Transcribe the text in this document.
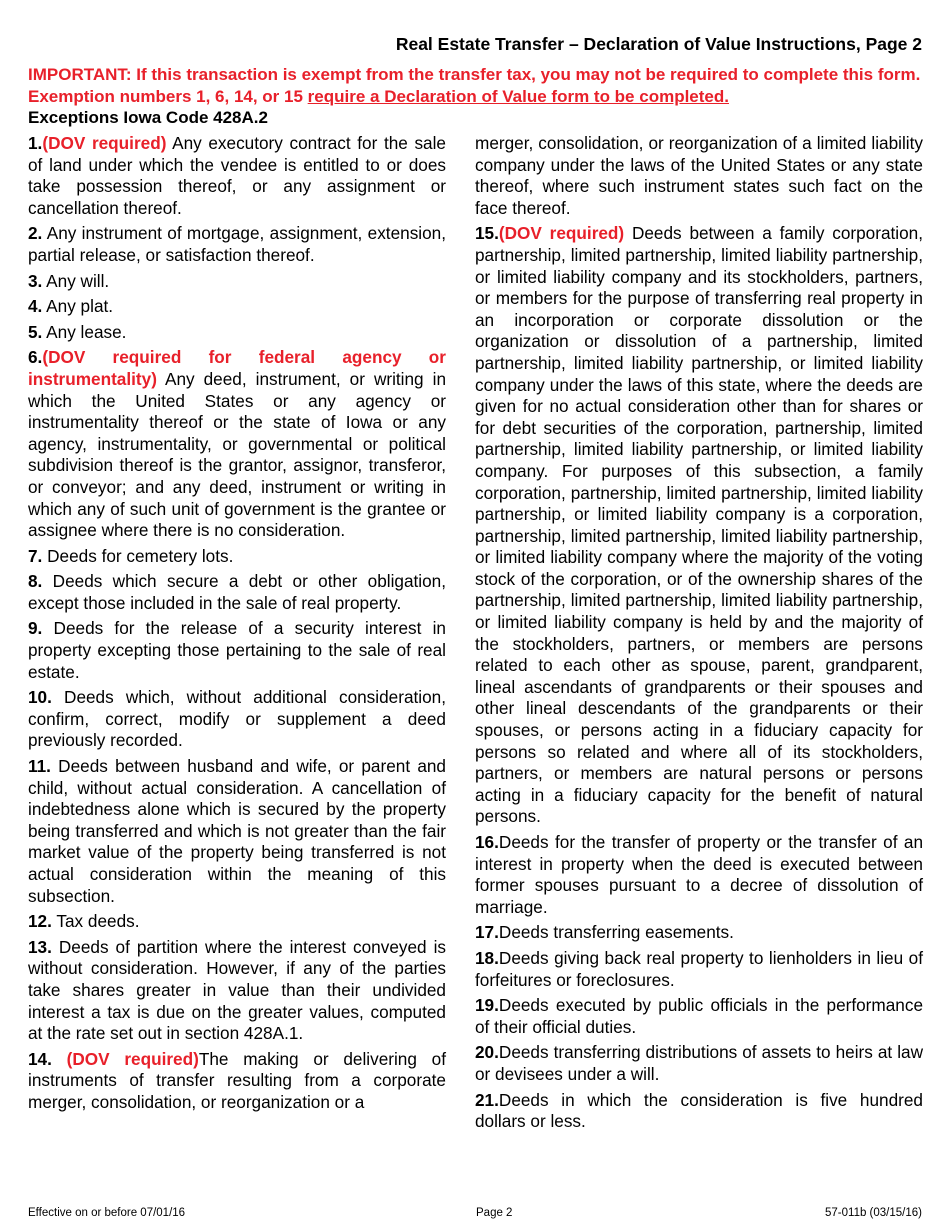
Real Estate Transfer – Declaration of Value Instructions, Page 2
IMPORTANT: If this transaction is exempt from the transfer tax, you may not be required to complete this form. Exemption numbers 1, 6, 14, or 15 require a Declaration of Value form to be completed.
Exceptions Iowa Code 428A.2
1.(DOV required) Any executory contract for the sale of land under which the vendee is entitled to or does take possession thereof, or any assignment or cancellation thereof.
2. Any instrument of mortgage, assignment, extension, partial release, or satisfaction thereof.
3. Any will.
4. Any plat.
5. Any lease.
6.(DOV required for federal agency or instrumentality) Any deed, instrument, or writing in which the United States or any agency or instrumentality thereof or the state of Iowa or any agency, instrumentality, or governmental or political subdivision thereof is the grantor, assignor, transferor, or conveyor; and any deed, instrument or writing in which any of such unit of government is the grantee or assignee where there is no consideration.
7. Deeds for cemetery lots.
8. Deeds which secure a debt or other obligation, except those included in the sale of real property.
9. Deeds for the release of a security interest in property excepting those pertaining to the sale of real estate.
10. Deeds which, without additional consideration, confirm, correct, modify or supplement a deed previously recorded.
11. Deeds between husband and wife, or parent and child, without actual consideration. A cancellation of indebtedness alone which is secured by the property being transferred and which is not greater than the fair market value of the property being transferred is not actual consideration within the meaning of this subsection.
12. Tax deeds.
13. Deeds of partition where the interest conveyed is without consideration. However, if any of the parties take shares greater in value than their undivided interest a tax is due on the greater values, computed at the rate set out in section 428A.1.
14. (DOV required)The making or delivering of instruments of transfer resulting from a corporate merger, consolidation, or reorganization or a
merger, consolidation, or reorganization of a limited liability company under the laws of the United States or any state thereof, where such instrument states such fact on the face thereof.
15.(DOV required) Deeds between a family corporation, partnership, limited partnership, limited liability partnership, or limited liability company and its stockholders, partners, or members for the purpose of transferring real property in an incorporation or corporate dissolution or the organization or dissolution of a partnership, limited partnership, limited liability partnership, or limited liability company under the laws of this state, where the deeds are given for no actual consideration other than for shares or for debt securities of the corporation, partnership, limited partnership, limited liability partnership, or limited liability company. For purposes of this subsection, a family corporation, partnership, limited partnership, limited liability partnership, or limited liability company is a corporation, partnership, limited partnership, limited liability partnership, or limited liability company where the majority of the voting stock of the corporation, or of the ownership shares of the partnership, limited partnership, limited liability partnership, or limited liability company is held by and the majority of the stockholders, partners, or members are persons related to each other as spouse, parent, grandparent, lineal ascendants of grandparents or their spouses and other lineal descendants of the grandparents or their spouses, or persons acting in a fiduciary capacity for persons so related and where all of its stockholders, partners, or members are natural persons or persons acting in a fiduciary capacity for the benefit of natural persons.
16.Deeds for the transfer of property or the transfer of an interest in property when the deed is executed between former spouses pursuant to a decree of dissolution of marriage.
17.Deeds transferring easements.
18.Deeds giving back real property to lienholders in lieu of forfeitures or foreclosures.
19.Deeds executed by public officials in the performance of their official duties.
20.Deeds transferring distributions of assets to heirs at law or devisees under a will.
21.Deeds in which the consideration is five hundred dollars or less.
Effective on or before 07/01/16	Page 2	57-011b (03/15/16)
